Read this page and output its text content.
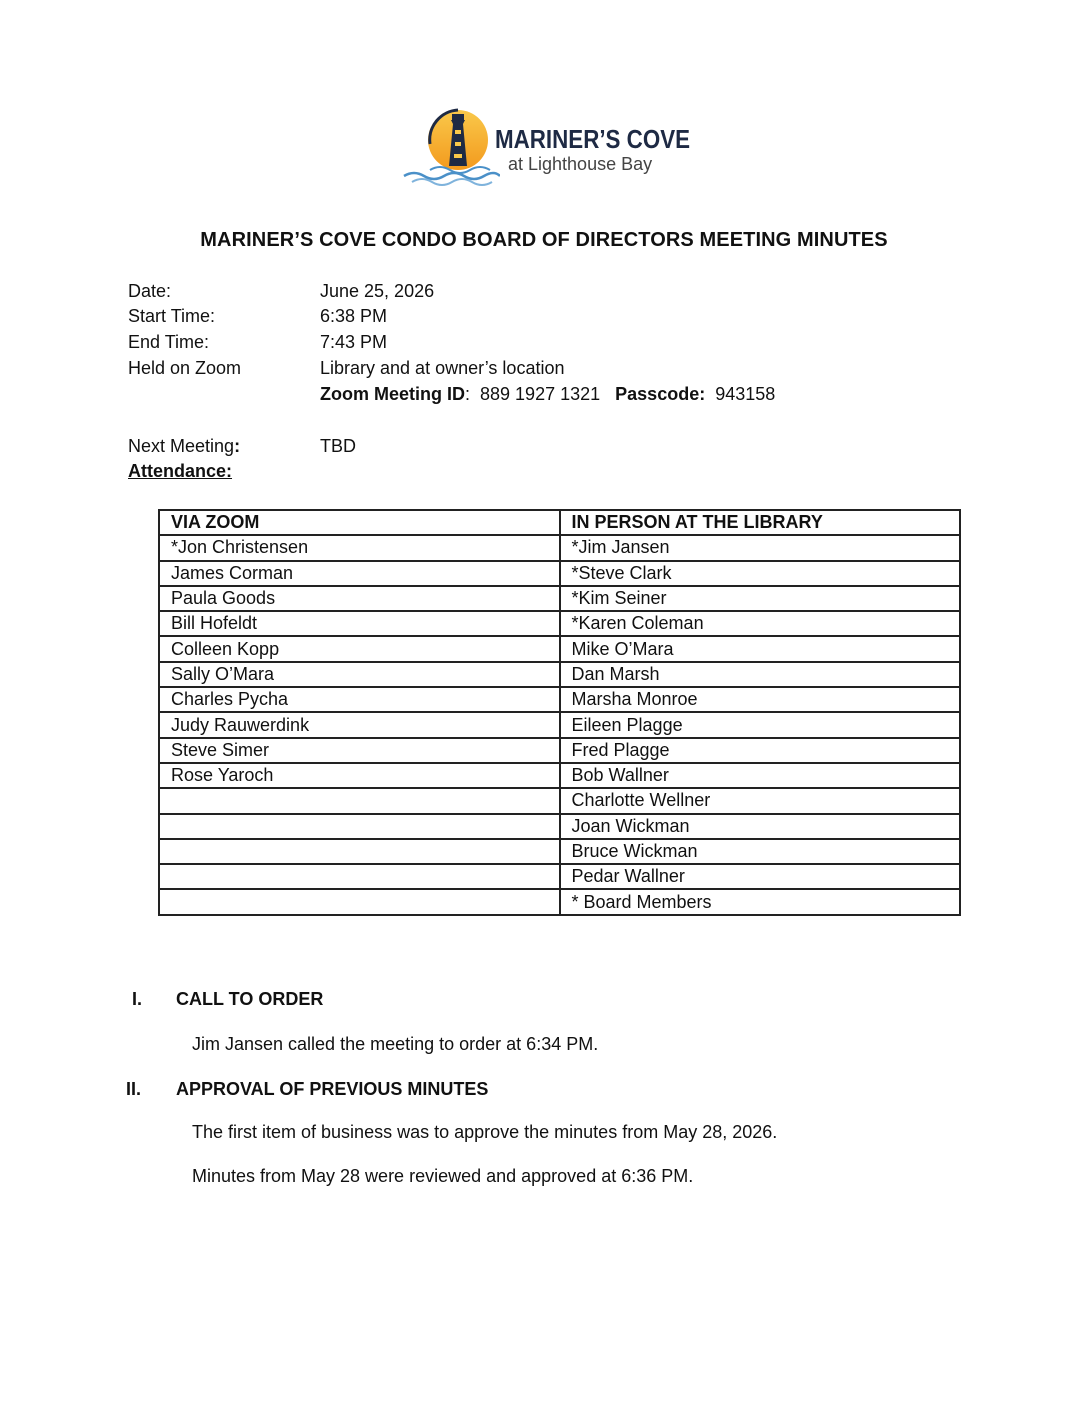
MARINER’S COVE
at Lighthouse Bay
MARINER’S COVE CONDO BOARD OF DIRECTORS MEETING MINUTES
Date:	June 25, 2026
Start Time:	6:38 PM
End Time:	7:43 PM
Held on Zoom	Library and at owner’s location
Zoom Meeting ID:  889 1927 1321 Passcode: 943158
Next Meeting:	TBD
Attendance:
VIA ZOOM	IN PERSON AT THE LIBRARY
*Jon Christensen	*Jim Jansen
James Corman	*Steve Clark
Paula Goods	*Kim Seiner
Bill Hofeldt	*Karen Coleman
Colleen Kopp	Mike O’Mara
Sally O’Mara	Dan Marsh
Charles Pycha	Marsha Monroe
Judy Rauwerdink	Eileen Plagge
Steve Simer	Fred Plagge
Rose Yaroch	Bob Wallner
	Charlotte Wellner
	Joan Wickman
	Bruce Wickman
	Pedar Wallner
	* Board Members
I. CALL TO ORDER
Jim Jansen called the meeting to order at 6:34 PM.
II. APPROVAL OF PREVIOUS MINUTES
The first item of business was to approve the minutes from May 28, 2026.
Minutes from May 28 were reviewed and approved at 6:36 PM.
